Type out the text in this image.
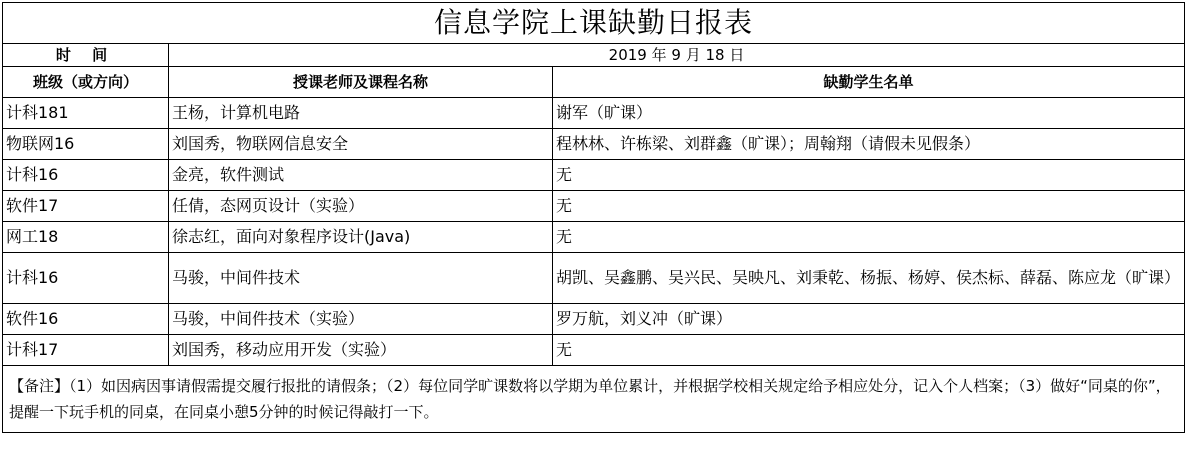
信息学院上课缺勤日报表		
时 间	2019 年 9 月 18 日	
班级（或方向）	授课老师及课程名称	缺勤学生名单
计科181	王杨，计算机电路	谢军（旷课）
物联网16	刘国秀，物联网信息安全	程林林、许栋梁、刘群鑫（旷课）；周翰翔（请假未见假条）
计科16	金亮，软件测试	无
软件17	任倩，态网页设计（实验）	无
网工18	徐志红，面向对象程序设计(Java)	无
计科16	马骏，中间件技术	胡凯、吴鑫鹏、吴兴民、吴映凡、刘秉乾、杨振、杨婷、侯杰标、薛磊、陈应龙（旷课）
软件16	马骏，中间件技术（实验）	罗万航，刘义冲（旷课）
计科17	刘国秀，移动应用开发（实验）	无
【备注】（1）如因病因事请假需提交履行报批的请假条；（2）每位同学旷课数将以学期为单位累计，并根据学校相关规定给予相应处分，记入个人档案；（3）做好“同桌的你”，提醒一下玩手机的同桌，在同桌小憩5分钟的时候记得敲打一下。		
